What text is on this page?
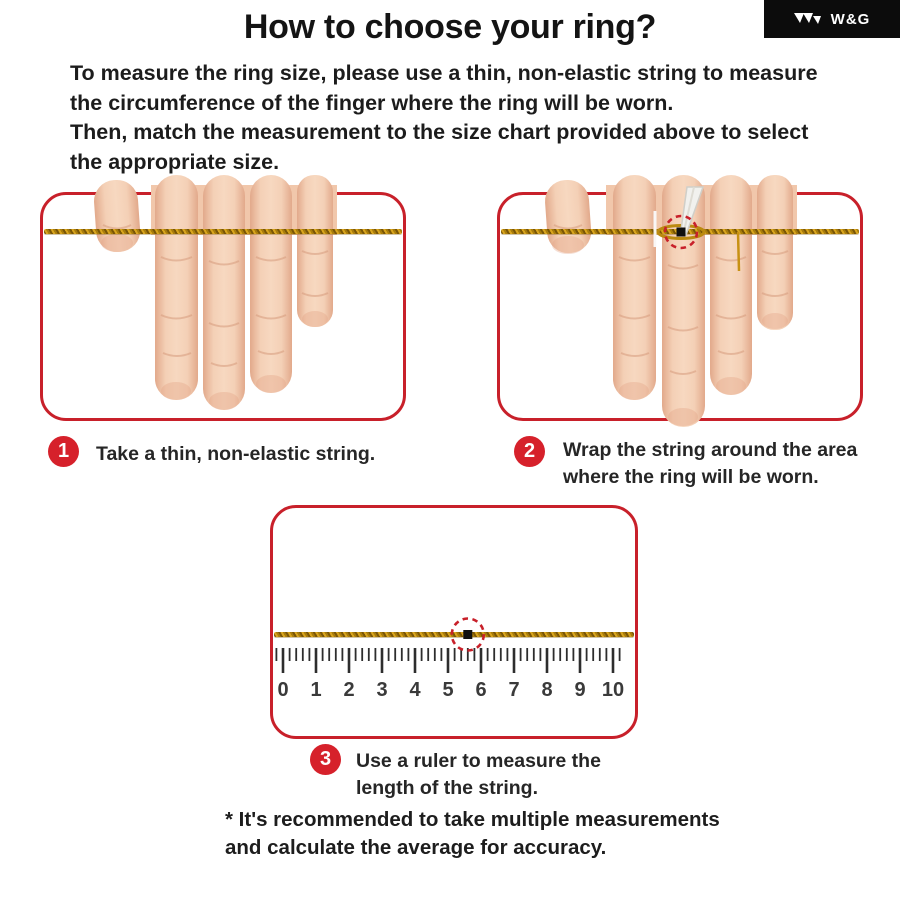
How to choose your ring?	W&G
To measure the ring size, please use a thin, non-elastic string to measure
the circumference of the finger where the ring will be worn.
Then, match the measurement to the size chart provided above to select
the appropriate size.
1	Take a thin, non-elastic string.	2	Wrap the string around the area
where the ring will be worn.
0 1 2 3 4 5 6 7 8 9 10
3	Use a ruler to measure the
length of the string.
* It's recommended to take multiple measurements
and calculate the average for accuracy.
